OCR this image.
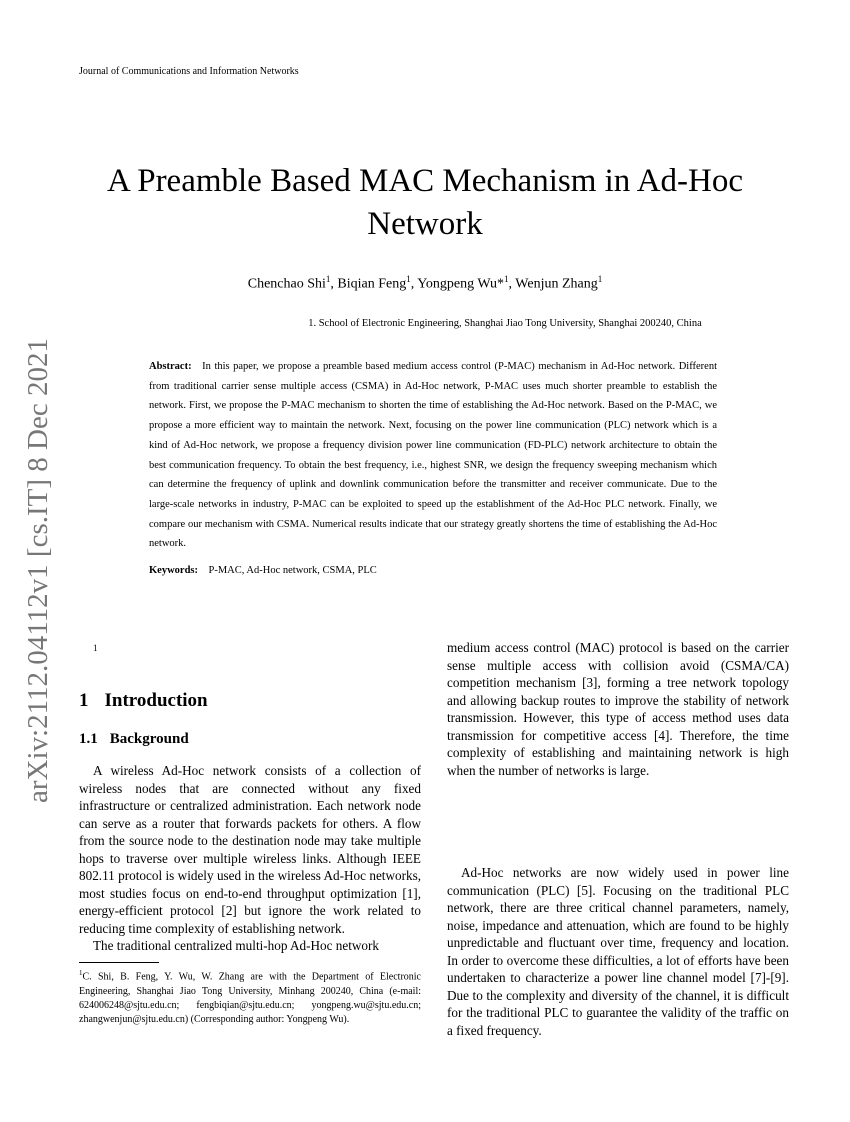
Journal of Communications and Information Networks
A Preamble Based MAC Mechanism in Ad-Hoc Network
Chenchao Shi$^1$, Biqian Feng$^1$, Yongpeng Wu*$^1$, Wenjun Zhang$^1$
1. School of Electronic Engineering, Shanghai Jiao Tong University, Shanghai 200240, China
Abstract: In this paper, we propose a preamble based medium access control (P-MAC) mechanism in Ad-Hoc network. Different from traditional carrier sense multiple access (CSMA) in Ad-Hoc network, P-MAC uses much shorter preamble to establish the network. First, we propose the P-MAC mechanism to shorten the time of establishing the Ad-Hoc network. Based on the P-MAC, we propose a more efficient way to maintain the network. Next, focusing on the power line communication (PLC) network which is a kind of Ad-Hoc network, we propose a frequency division power line communication (FD-PLC) network architecture to obtain the best communication frequency. To obtain the best frequency, i.e., highest SNR, we design the frequency sweeping mechanism which can determine the frequency of uplink and downlink communication before the transmitter and receiver communicate. Due to the large-scale networks in industry, P-MAC can be exploited to speed up the establishment of the Ad-Hoc PLC network. Finally, we compare our mechanism with CSMA. Numerical results indicate that our strategy greatly shortens the time of establishing the Ad-Hoc network.
Keywords: P-MAC, Ad-Hoc network, CSMA, PLC
1
arXiv:2112.04112v1 [cs.IT] 8 Dec 2021	1 Introduction
1.1 Background

A wireless Ad-Hoc network consists of a collection of wireless nodes that are connected without any fixed infrastructure or centralized administration. Each network node can serve as a router that forwards packets for others. A flow from the source node to the destination node may take multiple hops to traverse over multiple wireless links. Although IEEE 802.11 protocol is widely used in the wireless Ad-Hoc networks, most studies focus on end-to-end throughput optimization [1], energy-efficient protocol [2] but ignore the work related to reducing time complexity of establishing network.

The traditional centralized multi-hop Ad-Hoc network

medium access control (MAC) protocol is based on the carrier sense multiple access with collision avoid (CSMA/CA) competition mechanism [3], forming a tree network topology and allowing backup routes to improve the stability of network transmission. However, this type of access method uses data transmission for competitive access [4]. Therefore, the time complexity of establishing and maintaining network is high when the number of networks is large.

Ad-Hoc networks are now widely used in power line communication (PLC) [5]. Focusing on the traditional PLC network, there are three critical channel parameters, namely, noise, impedance and attenuation, which are found to be highly unpredictable and fluctuant over time, frequency and location. In order to overcome these difficulties, a lot of efforts have been undertaken to characterize a power line channel model [7]-[9]. Due to the complexity and diversity of the channel, it is difficult for the traditional PLC to guarantee the validity of the traffic on a fixed frequency.

$^1$C. Shi, B. Feng, Y. Wu, W. Zhang are with the Department of Electronic Engineering, Shanghai Jiao Tong University, Minhang 200240, China (e-mail: 624006248@sjtu.edu.cn; fengbiqian@sjtu.edu.cn; yongpeng.wu@sjtu.edu.cn; zhangwenjun@sjtu.edu.cn) (Corresponding author: Yongpeng Wu).
